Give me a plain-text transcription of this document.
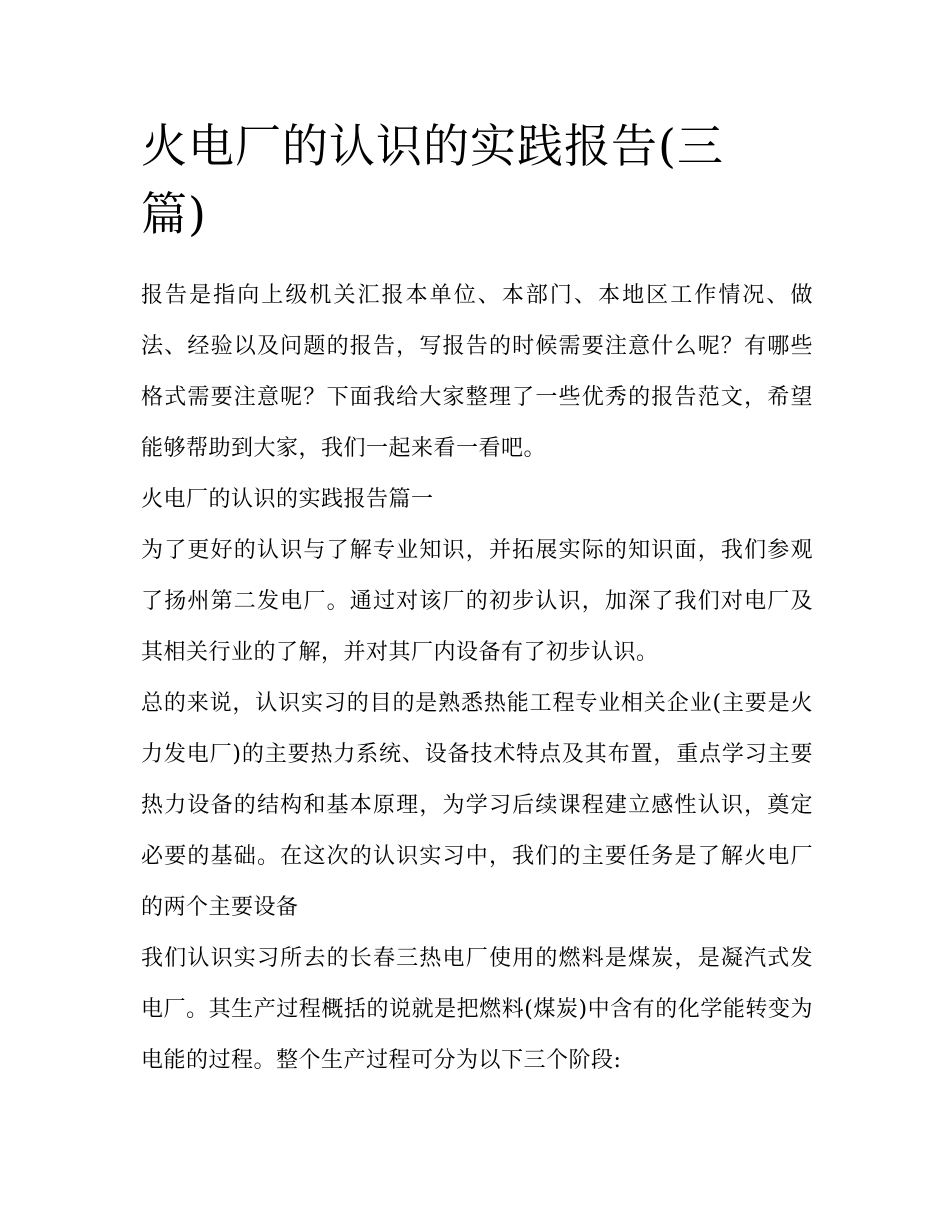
火电厂的认识的实践报告(三篇)

报告是指向上级机关汇报本单位、本部门、本地区工作情况、做法、经验以及问题的报告，写报告的时候需要注意什么呢？有哪些格式需要注意呢？下面我给大家整理了一些优秀的报告范文，希望能够帮助到大家，我们一起来看一看吧。

火电厂的认识的实践报告篇一

为了更好的认识与了解专业知识，并拓展实际的知识面，我们参观了扬州第二发电厂。通过对该厂的初步认识，加深了我们对电厂及其相关行业的了解，并对其厂内设备有了初步认识。

总的来说，认识实习的目的是熟悉热能工程专业相关企业(主要是火力发电厂)的主要热力系统、设备技术特点及其布置，重点学习主要热力设备的结构和基本原理，为学习后续课程建立感性认识，奠定必要的基础。在这次的认识实习中，我们的主要任务是了解火电厂的两个主要设备

我们认识实习所去的长春三热电厂使用的燃料是煤炭，是凝汽式发电厂。其生产过程概括的说就是把燃料(煤炭)中含有的化学能转变为电能的过程。整个生产过程可分为以下三个阶段:
